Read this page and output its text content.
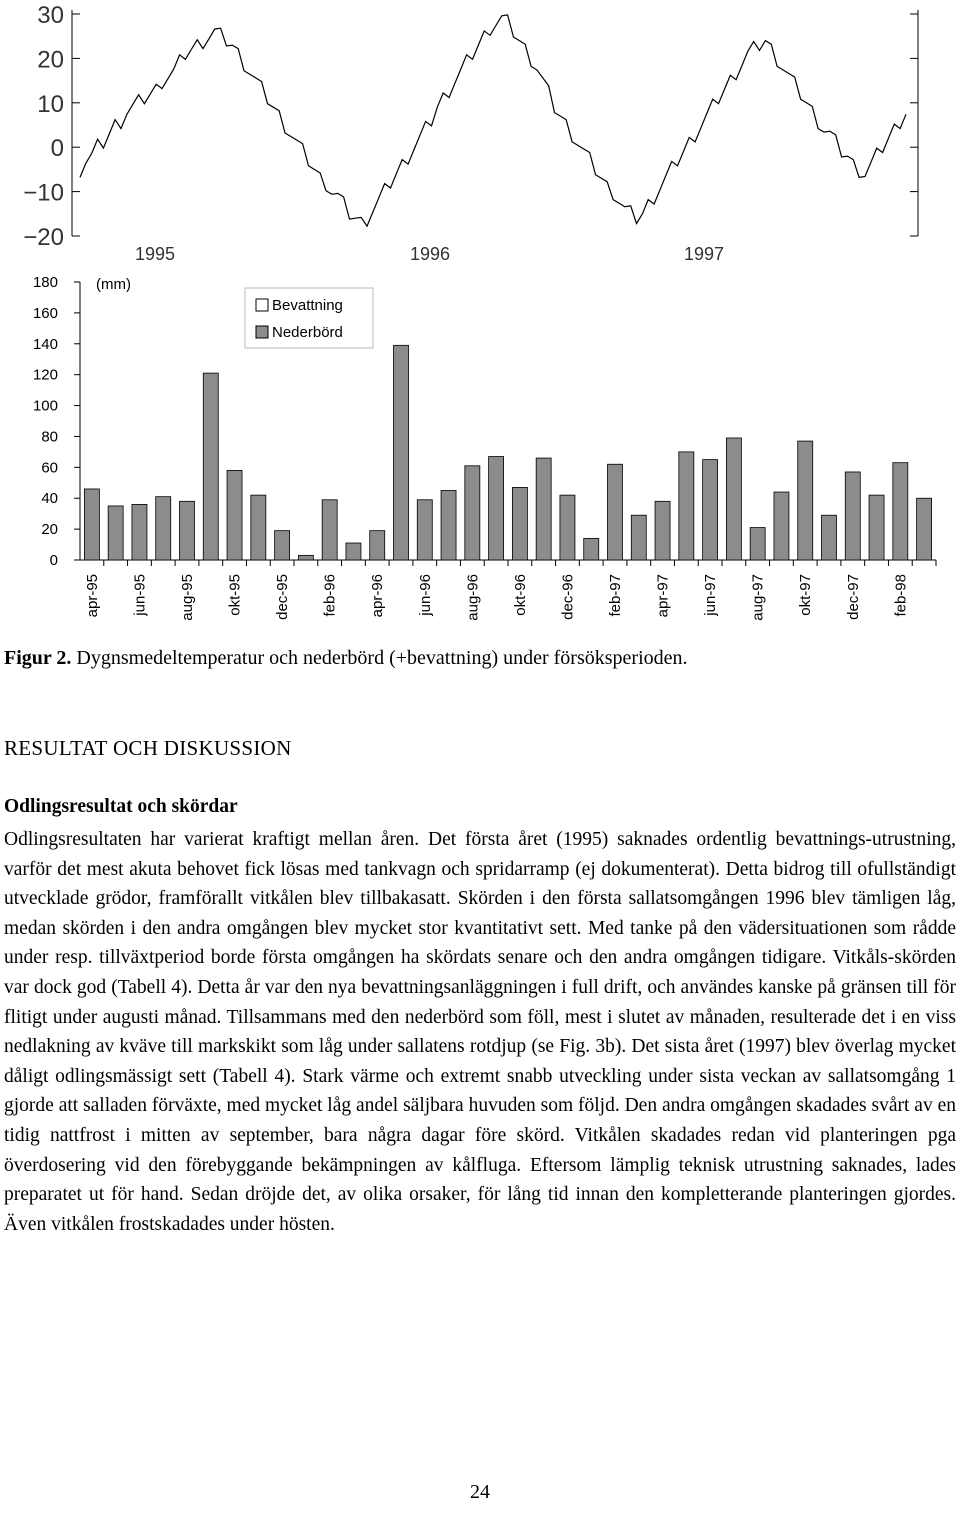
30
20
10
0
−10
−20
1995	1996	1997
0
20
40
60
80
100
120
140
160
180	(mm)
apr-95 jun-95 aug-95 okt-95 dec-95 feb-96 apr-96 jun-96 aug-96 okt-96 dec-96 feb-97 apr-97 jun-97 aug-97 okt-97 dec-97 feb-98
Bevattning
Nederbörd
Figur 2. Dygnsmedeltemperatur och nederbörd (+bevattning) under försöksperioden.
RESULTAT OCH DISKUSSION
Odlingsresultat och skördar
Odlingsresultaten har varierat kraftigt mellan åren. Det första året (1995) saknades ordentlig bevattnings-utrustning, varför det mest akuta behovet fick lösas med tankvagn och spridarramp (ej dokumenterat). Detta bidrog till ofullständigt utvecklade grödor, framförallt vitkålen blev tillbakasatt. Skörden i den första sallatsomgången 1996 blev tämligen låg, medan skörden i den andra omgången blev mycket stor kvantitativt sett. Med tanke på den vädersituationen som rådde under resp. tillväxtperiod borde första omgången ha skördats senare och den andra omgången tidigare. Vitkåls-skörden var dock god (Tabell 4). Detta år var den nya bevattningsanläggningen i full drift, och användes kanske på gränsen till för flitigt under augusti månad. Tillsammans med den nederbörd som föll, mest i slutet av månaden, resulterade det i en viss nedlakning av kväve till markskikt som låg under sallatens rotdjup (se Fig. 3b). Det sista året (1997) blev överlag mycket dåligt odlingsmässigt sett (Tabell 4). Stark värme och extremt snabb utveckling under sista veckan av sallatsomgång 1 gjorde att salladen förväxte, med mycket låg andel säljbara huvuden som följd. Den andra omgången skadades svårt av en tidig nattfrost i mitten av september, bara några dagar före skörd. Vitkålen skadades redan vid planteringen pga överdosering vid den förebyggande bekämpningen av kålfluga. Eftersom lämplig teknisk utrustning saknades, lades preparatet ut för hand. Sedan dröjde det, av olika orsaker, för lång tid innan den kompletterande planteringen gjordes. Även vitkålen frostskadades under hösten.
24
